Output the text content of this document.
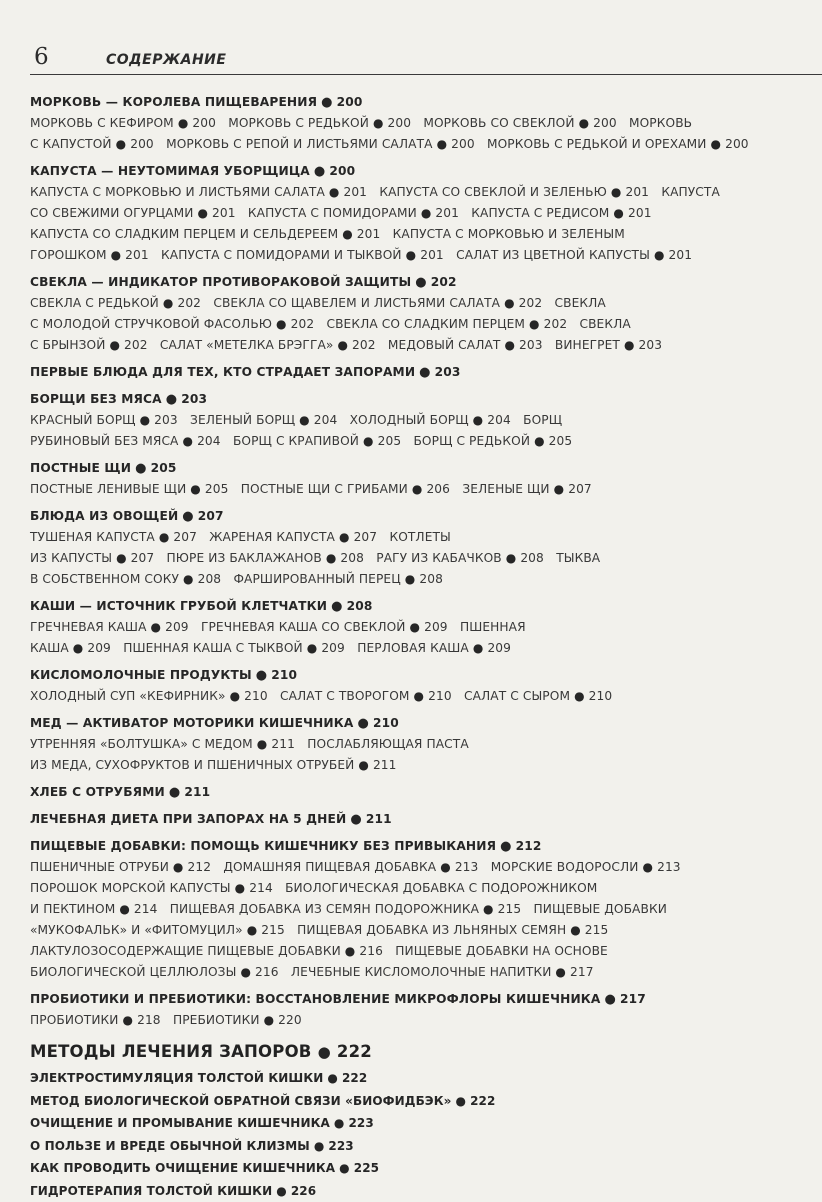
6	СОДЕРЖАНИЕ
МОРКОВЬ — КОРОЛЕВА ПИЩЕВАРЕНИЯ ● 200
МОРКОВЬ С КЕФИРОМ ● 200  МОРКОВЬ С РЕДЬКОЙ ● 200  МОРКОВЬ СО СВЕКЛОЙ ● 200  МОРКОВЬ
С КАПУСТОЙ ● 200  МОРКОВЬ С РЕПОЙ И ЛИСТЬЯМИ САЛАТА ● 200  МОРКОВЬ С РЕДЬКОЙ И ОРЕХАМИ ● 200
КАПУСТА — НЕУТОМИМАЯ УБОРЩИЦА ● 200
КАПУСТА С МОРКОВЬЮ И ЛИСТЬЯМИ САЛАТА ● 201  КАПУСТА СО СВЕКЛОЙ И ЗЕЛЕНЬЮ ● 201  КАПУСТА
СО СВЕЖИМИ ОГУРЦАМИ ● 201  КАПУСТА С ПОМИДОРАМИ ● 201  КАПУСТА С РЕДИСОМ ● 201
КАПУСТА СО СЛАДКИМ ПЕРЦЕМ И СЕЛЬДЕРЕЕМ ● 201  КАПУСТА С МОРКОВЬЮ И ЗЕЛЕНЫМ
ГОРОШКОМ ● 201  КАПУСТА С ПОМИДОРАМИ И ТЫКВОЙ ● 201  САЛАТ ИЗ ЦВЕТНОЙ КАПУСТЫ ● 201
СВЕКЛА — ИНДИКАТОР ПРОТИВОРАКОВОЙ ЗАЩИТЫ ● 202
СВЕКЛА С РЕДЬКОЙ ● 202  СВЕКЛА СО ЩАВЕЛЕМ И ЛИСТЬЯМИ САЛАТА ● 202  СВЕКЛА
С МОЛОДОЙ СТРУЧКОВОЙ ФАСОЛЬЮ ● 202  СВЕКЛА СО СЛАДКИМ ПЕРЦЕМ ● 202  СВЕКЛА
С БРЫНЗОЙ ● 202  САЛАТ «МЕТЕЛКА БРЭГГА» ● 202  МЕДОВЫЙ САЛАТ ● 203  ВИНЕГРЕТ ● 203
ПЕРВЫЕ БЛЮДА ДЛЯ ТЕХ, КТО СТРАДАЕТ ЗАПОРАМИ ● 203
БОРЩИ БЕЗ МЯСА ● 203
КРАСНЫЙ БОРЩ ● 203  ЗЕЛЕНЫЙ БОРЩ ● 204  ХОЛОДНЫЙ БОРЩ ● 204  БОРЩ
РУБИНОВЫЙ БЕЗ МЯСА ● 204  БОРЩ С КРАПИВОЙ ● 205  БОРЩ С РЕДЬКОЙ ● 205
ПОСТНЫЕ ЩИ ● 205
ПОСТНЫЕ ЛЕНИВЫЕ ЩИ ● 205  ПОСТНЫЕ ЩИ С ГРИБАМИ ● 206  ЗЕЛЕНЫЕ ЩИ ● 207
БЛЮДА ИЗ ОВОЩЕЙ ● 207
ТУШЕНАЯ КАПУСТА ● 207  ЖАРЕНАЯ КАПУСТА ● 207  КОТЛЕТЫ
ИЗ КАПУСТЫ ● 207  ПЮРЕ ИЗ БАКЛАЖАНОВ ● 208  РАГУ ИЗ КАБАЧКОВ ● 208  ТЫКВА
В СОБСТВЕННОМ СОКУ ● 208  ФАРШИРОВАННЫЙ ПЕРЕЦ ● 208
КАШИ — ИСТОЧНИК ГРУБОЙ КЛЕТЧАТКИ ● 208
ГРЕЧНЕВАЯ КАША ● 209  ГРЕЧНЕВАЯ КАША СО СВЕКЛОЙ ● 209  ПШЕННАЯ
КАША ● 209  ПШЕННАЯ КАША С ТЫКВОЙ ● 209  ПЕРЛОВАЯ КАША ● 209
КИСЛОМОЛОЧНЫЕ ПРОДУКТЫ ● 210
ХОЛОДНЫЙ СУП «КЕФИРНИК» ● 210  САЛАТ С ТВОРОГОМ ● 210  САЛАТ С СЫРОМ ● 210
МЕД — АКТИВАТОР МОТОРИКИ КИШЕЧНИКА ● 210
УТРЕННЯЯ «БОЛТУШКА» С МЕДОМ ● 211  ПОСЛАБЛЯЮЩАЯ ПАСТА
ИЗ МЕДА, СУХОФРУКТОВ И ПШЕНИЧНЫХ ОТРУБЕЙ ● 211
ХЛЕБ С ОТРУБЯМИ ● 211
ЛЕЧЕБНАЯ ДИЕТА ПРИ ЗАПОРАХ НА 5 ДНЕЙ ● 211
ПИЩЕВЫЕ ДОБАВКИ: ПОМОЩЬ КИШЕЧНИКУ БЕЗ ПРИВЫКАНИЯ ● 212
ПШЕНИЧНЫЕ ОТРУБИ ● 212  ДОМАШНЯЯ ПИЩЕВАЯ ДОБАВКА ● 213  МОРСКИЕ ВОДОРОСЛИ ● 213
ПОРОШОК МОРСКОЙ КАПУСТЫ ● 214  БИОЛОГИЧЕСКАЯ ДОБАВКА С ПОДОРОЖНИКОМ
И ПЕКТИНОМ ● 214  ПИЩЕВАЯ ДОБАВКА ИЗ СЕМЯН ПОДОРОЖНИКА ● 215  ПИЩЕВЫЕ ДОБАВКИ
«МУКОФАЛЬК» И «ФИТОМУЦИЛ» ● 215  ПИЩЕВАЯ ДОБАВКА ИЗ ЛЬНЯНЫХ СЕМЯН ● 215
ЛАКТУЛОЗОСОДЕРЖАЩИЕ ПИЩЕВЫЕ ДОБАВКИ ● 216  ПИЩЕВЫЕ ДОБАВКИ НА ОСНОВЕ
БИОЛОГИЧЕСКОЙ ЦЕЛЛЮЛОЗЫ ● 216  ЛЕЧЕБНЫЕ КИСЛОМОЛОЧНЫЕ НАПИТКИ ● 217
ПРОБИОТИКИ И ПРЕБИОТИКИ: ВОССТАНОВЛЕНИЕ МИКРОФЛОРЫ КИШЕЧНИКА ● 217
ПРОБИОТИКИ ● 218  ПРЕБИОТИКИ ● 220
МЕТОДЫ ЛЕЧЕНИЯ ЗАПОРОВ ● 222
ЭЛЕКТРОСТИМУЛЯЦИЯ ТОЛСТОЙ КИШКИ ● 222
МЕТОД БИОЛОГИЧЕСКОЙ ОБРАТНОЙ СВЯЗИ «БИОФИДБЭК» ● 222
ОЧИЩЕНИЕ И ПРОМЫВАНИЕ КИШЕЧНИКА ● 223
О ПОЛЬЗЕ И ВРЕДЕ ОБЫЧНОЙ КЛИЗМЫ ● 223
КАК ПРОВОДИТЬ ОЧИЩЕНИЕ КИШЕЧНИКА ● 225
ГИДРОТЕРАПИЯ ТОЛСТОЙ КИШКИ ● 226
